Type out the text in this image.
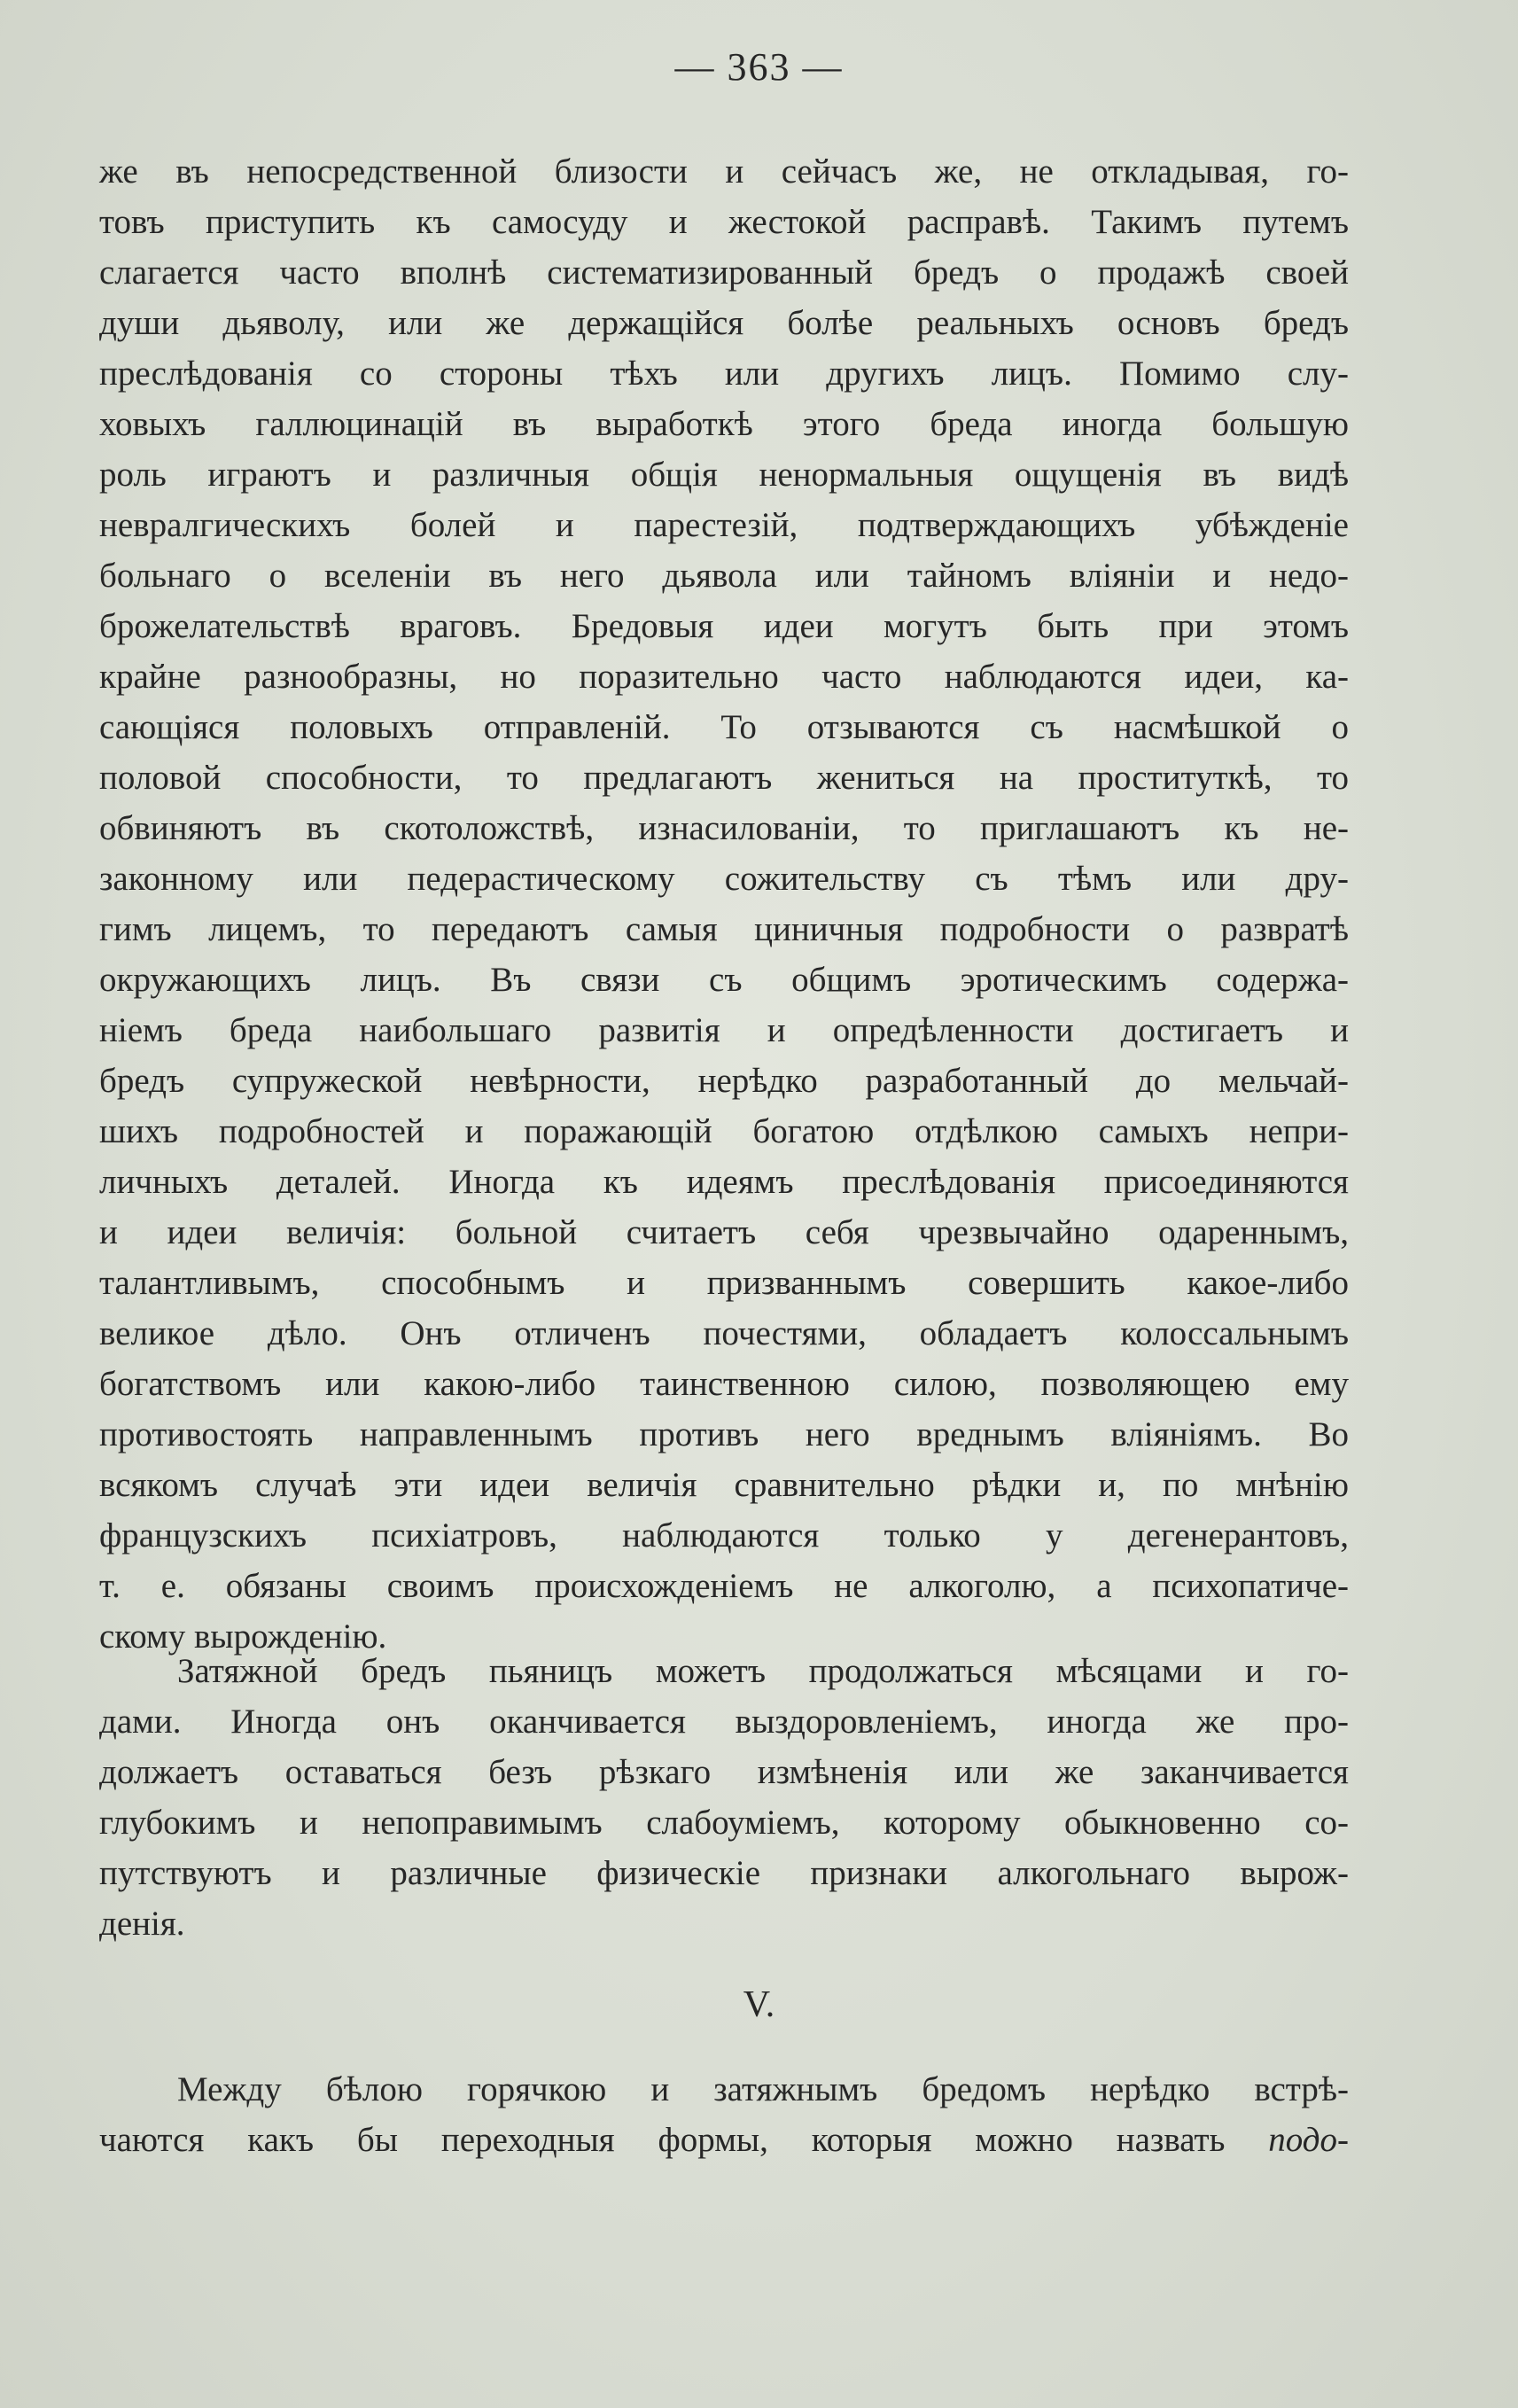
— 363 —
же въ непосредственной близости и сейчасъ же, не откладывая, го-
товъ приступить къ самосуду и жестокой расправѣ. Такимъ путемъ
слагается часто вполнѣ систематизированный бредъ о продажѣ своей
души дьяволу, или же держащійся болѣе реальныхъ основъ бредъ
преслѣдованія со стороны тѣхъ или другихъ лицъ. Помимо слу-
ховыхъ галлюцинацій въ выработкѣ этого бреда иногда большую
роль играютъ и различныя общія ненормальныя ощущенія въ видѣ
невралгическихъ болей и парестезій, подтверждающихъ убѣжденіе
больнаго о вселеніи въ него дьявола или тайномъ вліяніи и недо-
брожелательствѣ враговъ. Бредовыя идеи могутъ быть при этомъ
крайне разнообразны, но поразительно часто наблюдаются идеи, ка-
сающіяся половыхъ отправленій. То отзываются съ насмѣшкой о
половой способности, то предлагаютъ жениться на проституткѣ, то
обвиняютъ въ скотоложствѣ, изнасилованіи, то приглашаютъ къ не-
законному или педерастическому сожительству съ тѣмъ или дру-
гимъ лицемъ, то передаютъ самыя циничныя подробности о развратѣ
окружающихъ лицъ. Въ связи съ общимъ эротическимъ содержа-
ніемъ бреда наибольшаго развитія и опредѣленности достигаетъ и
бредъ супружеской невѣрности, нерѣдко разработанный до мельчай-
шихъ подробностей и поражающій богатою отдѣлкою самыхъ непри-
личныхъ деталей. Иногда къ идеямъ преслѣдованія присоединяются
и идеи величія: больной считаетъ себя чрезвычайно одареннымъ,
талантливымъ, способнымъ и призваннымъ совершить какое-либо
великое дѣло. Онъ отличенъ почестями, обладаетъ колоссальнымъ
богатствомъ или какою-либо таинственною силою, позволяющею ему
противостоять направленнымъ противъ него вреднымъ вліяніямъ. Во
всякомъ случаѣ эти идеи величія сравнительно рѣдки и, по мнѣнію
французскихъ психіатровъ, наблюдаются только у дегенерантовъ,
т. е. обязаны своимъ происхожденіемъ не алкоголю, а психопатиче-
скому вырожденію.
Затяжной бредъ пьяницъ можетъ продолжаться мѣсяцами и го-
дами. Иногда онъ оканчивается выздоровленіемъ, иногда же про-
должаетъ оставаться безъ рѣзкаго измѣненія или же заканчивается
глубокимъ и непоправимымъ слабоуміемъ, которому обыкновенно со-
путствуютъ и различные физическіе признаки алкогольнаго вырож-
денія.
V.
Между бѣлою горячкою и затяжнымъ бредомъ нерѣдко встрѣ-
чаются какъ бы переходныя формы, которыя можно назвать подо-
